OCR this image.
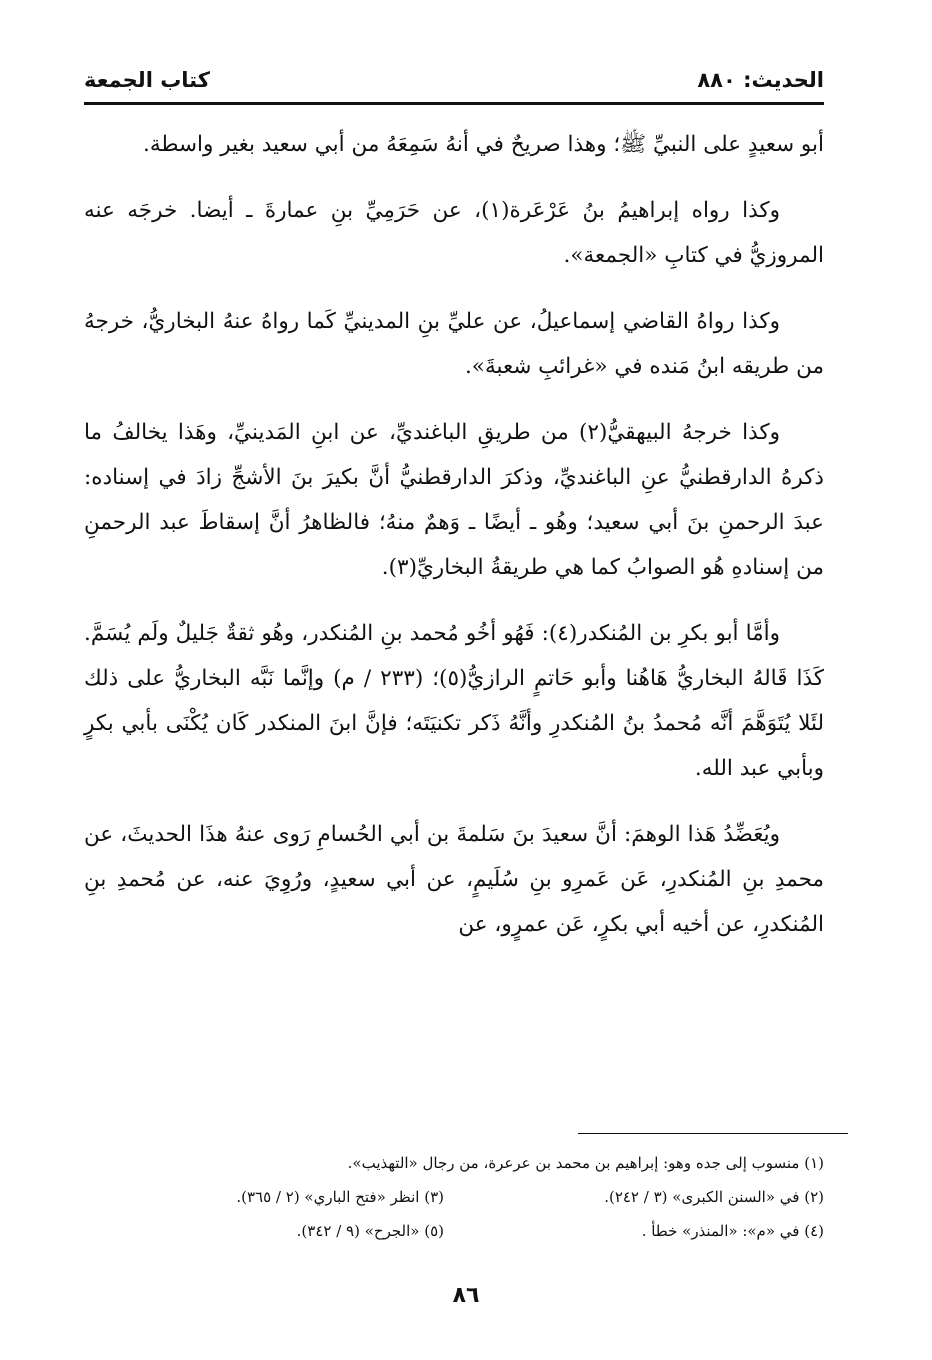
الحديث: ٨٨٠
كتاب الجمعة

أبو سعيدٍ على النبيِّ ﷺ؛ وهذا صريحٌ في أنهُ سَمِعَهُ من أبي سعيد بغير واسطة.

وكذا رواه إبراهيمُ بنُ عَرْعَرة(١)، عن حَرَمِيِّ بنِ عمارةَ ـ أيضا. خرجَه عنه المروزيُّ في كتابِ «الجمعة».

وكذا رواهُ القاضي إسماعيلُ، عن عليِّ بنِ المدينيِّ كَما رواهُ عنهُ البخاريُّ، خرجهُ من طريقه ابنُ مَنده في «غرائبِ شعبةَ».

وكذا خرجهُ البيهقيُّ(٢) من طريقِ الباغنديِّ، عن ابنِ المَدينيِّ، وهَذا يخالفُ ما ذكرهُ الدارقطنيُّ عنِ الباغنديِّ، وذكرَ الدارقطنيُّ أنَّ بكيرَ بنَ الأشجِّ زادَ في إسناده: عبدَ الرحمنِ بنَ أبي سعيد؛ وهُو ـ أيضًا ـ وَهمٌ منهُ؛ فالظاهرُ أنَّ إسقاطَ عبد الرحمنِ من إسنادهِ هُو الصوابُ كما هي طريقةُ البخاريِّ(٣).

وأمَّا أبو بكرِ بن المُنكدر(٤): فَهُو أخُو مُحمد بنِ المُنكدر، وهُو ثقةٌ جَليلٌ ولَم يُسَمَّ. كَذَا قَالهُ البخاريُّ هَاهُنا وأبو حَاتمٍ الرازيُّ(٥)؛ (٢٣٣ / م) وإنَّما نَبَّه البخاريُّ على ذلك لئَلا يُتَوَهَّمَ أنَّه مُحمدُ بنُ المُنكدرِ وأنَّهُ ذَكر تكنيَتَه؛ فإنَّ ابنَ المنكدر كَان يُكْنَى بأبي بكرٍ وبأبي عبد الله.

ويُعَضِّدُ هَذا الوهمَ: أنَّ سعيدَ بنَ سَلمةَ بن أبي الحُسامِ رَوى عنهُ هذَا الحديثَ، عن محمدِ بنِ المُنكدرِ، عَن عَمرِو بنِ سُلَيمٍ، عن أبي سعيدٍ، ورُوِيَ عنه، عن مُحمدِ بنِ المُنكدرِ، عن أخيه أبي بكرٍ، عَن عمرٍو، عن

(١) منسوب إلى جده وهو: إبراهيم بن محمد بن عرعرة، من رجال «التهذيب».
(٢) في «السنن الكبرى» (٣ / ٢٤٢).
(٣) انظر «فتح الباري» (٢ / ٣٦٥).
(٤) في «م»: «المنذر» خطأ .
(٥) «الجرح» (٩ / ٣٤٢).
٨٦
